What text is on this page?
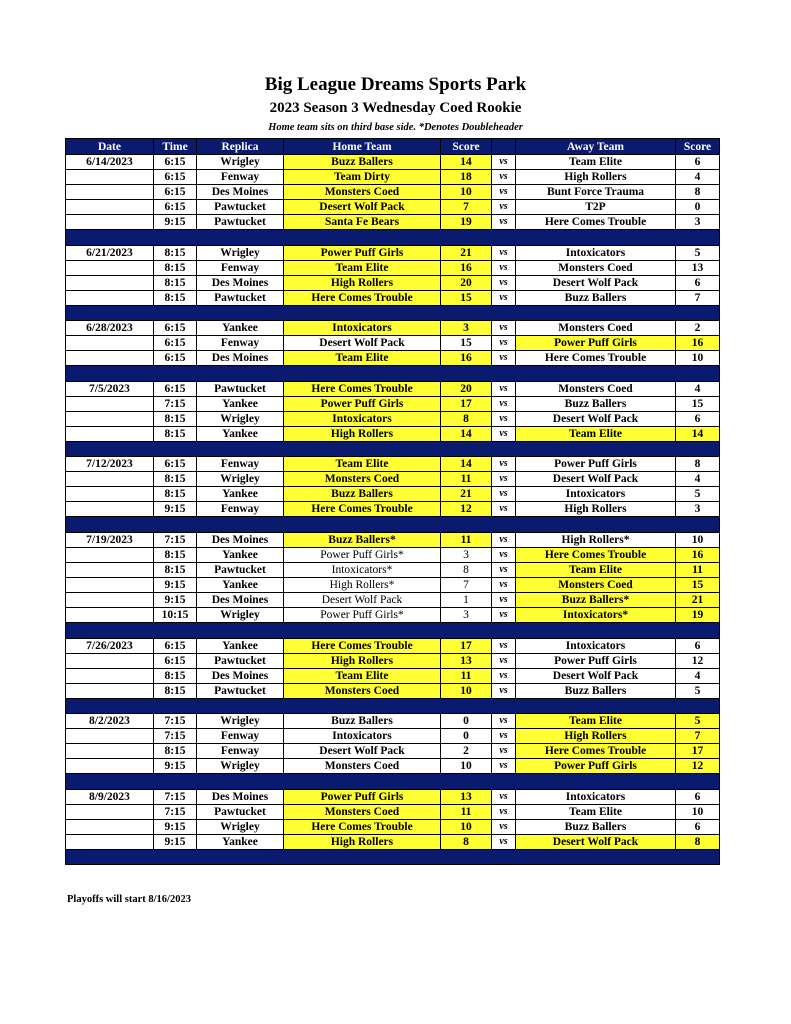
Big League Dreams Sports Park
2023 Season 3 Wednesday Coed Rookie

Home team sits on third base side. *Denotes Doubleheader

Date	Time	Replica	Home Team	Score		Away Team	Score
6/14/2023	6:15	Wrigley	Buzz Ballers	14	vs	Team Elite	6
	6:15	Fenway	Team Dirty	18	vs	High Rollers	4
	6:15	Des Moines	Monsters Coed	10	vs	Bunt Force Trauma	8
	6:15	Pawtucket	Desert Wolf Pack	7	vs	T2P	0
	9:15	Pawtucket	Santa Fe Bears	19	vs	Here Comes Trouble	3

6/21/2023	8:15	Wrigley	Power Puff Girls	21	vs	Intoxicators	5
	8:15	Fenway	Team Elite	16	vs	Monsters Coed	13
	8:15	Des Moines	High Rollers	20	vs	Desert Wolf Pack	6
	8:15	Pawtucket	Here Comes Trouble	15	vs	Buzz Ballers	7

6/28/2023	6:15	Yankee	Intoxicators	3	vs	Monsters Coed	2
	6:15	Fenway	Desert Wolf Pack	15	vs	Power Puff Girls	16
	6:15	Des Moines	Team Elite	16	vs	Here Comes Trouble	10

7/5/2023	6:15	Pawtucket	Here Comes Trouble	20	vs	Monsters Coed	4
	7:15	Yankee	Power Puff Girls	17	vs	Buzz Ballers	15
	8:15	Wrigley	Intoxicators	8	vs	Desert Wolf Pack	6
	8:15	Yankee	High Rollers	14	vs	Team Elite	14

7/12/2023	6:15	Fenway	Team Elite	14	vs	Power Puff Girls	8
	8:15	Wrigley	Monsters Coed	11	vs	Desert Wolf Pack	4
	8:15	Yankee	Buzz Ballers	21	vs	Intoxicators	5
	9:15	Fenway	Here Comes Trouble	12	vs	High Rollers	3

7/19/2023	7:15	Des Moines	Buzz Ballers*	11	vs	High Rollers*	10
	8:15	Yankee	Power Puff Girls*	3	vs	Here Comes Trouble	16
	8:15	Pawtucket	Intoxicators*	8	vs	Team Elite	11
	9:15	Yankee	High Rollers*	7	vs	Monsters Coed	15
	9:15	Des Moines	Desert Wolf Pack	1	vs	Buzz Ballers*	21
	10:15	Wrigley	Power Puff Girls*	3	vs	Intoxicators*	19

7/26/2023	6:15	Yankee	Here Comes Trouble	17	vs	Intoxicators	6
	6:15	Pawtucket	High Rollers	13	vs	Power Puff Girls	12
	8:15	Des Moines	Team Elite	11	vs	Desert Wolf Pack	4
	8:15	Pawtucket	Monsters Coed	10	vs	Buzz Ballers	5

8/2/2023	7:15	Wrigley	Buzz Ballers	0	vs	Team Elite	5
	7:15	Fenway	Intoxicators	0	vs	High Rollers	7
	8:15	Fenway	Desert Wolf Pack	2	vs	Here Comes Trouble	17
	9:15	Wrigley	Monsters Coed	10	vs	Power Puff Girls	12

8/9/2023	7:15	Des Moines	Power Puff Girls	13	vs	Intoxicators	6
	7:15	Pawtucket	Monsters Coed	11	vs	Team Elite	10
	9:15	Wrigley	Here Comes Trouble	10	vs	Buzz Ballers	6
	9:15	Yankee	High Rollers	8	vs	Desert Wolf Pack	8

Playoffs will start 8/16/2023
